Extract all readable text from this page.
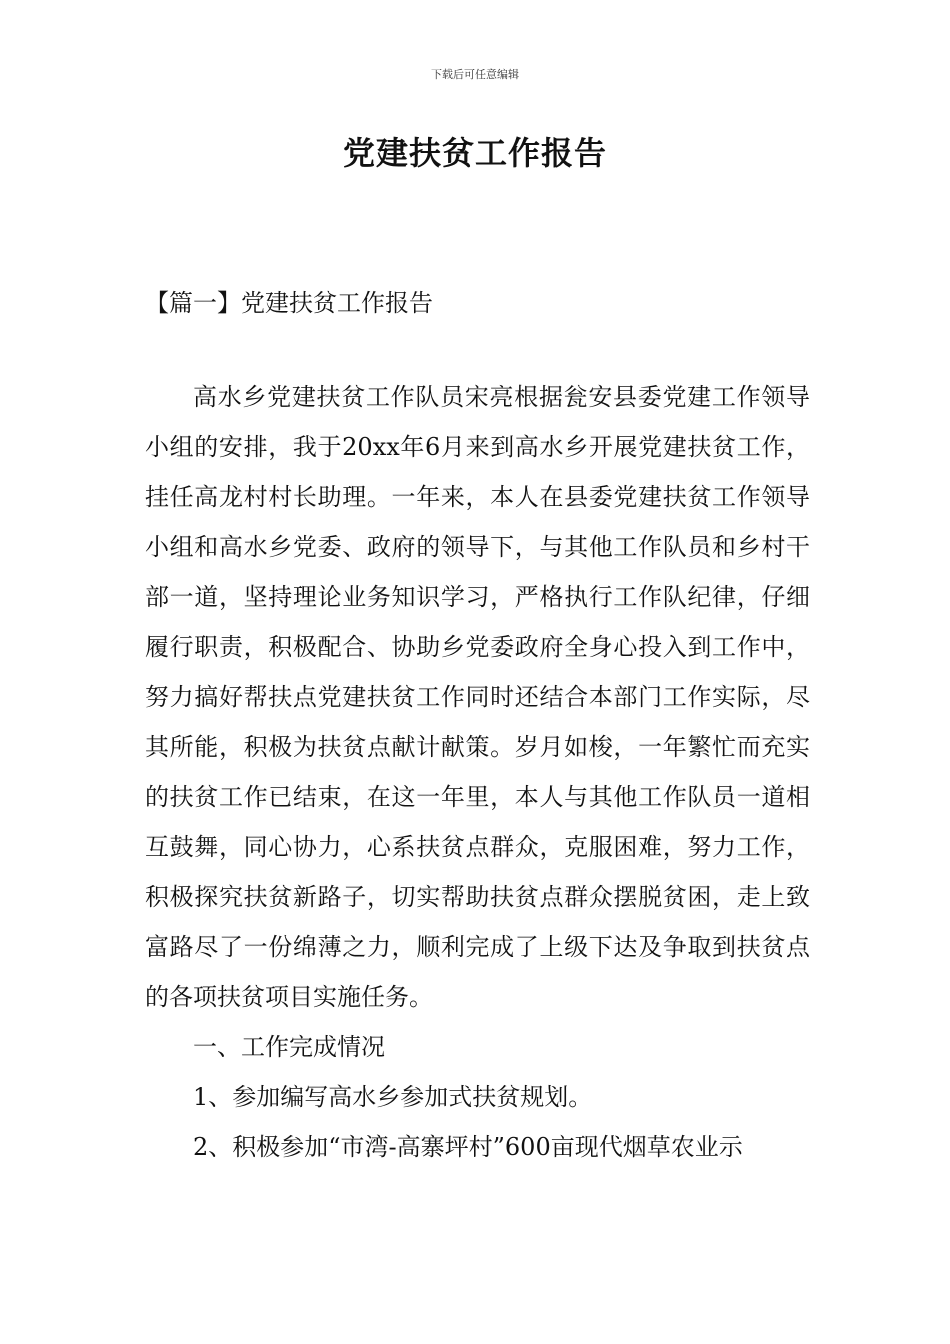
下载后可任意编辑
党建扶贫工作报告
【篇一】党建扶贫工作报告

高水乡党建扶贫工作队员宋亮根据瓮安县委党建工作领导小组的安排，我于20xx年6月来到高水乡开展党建扶贫工作，挂任高龙村村长助理。一年来，本人在县委党建扶贫工作领导小组和高水乡党委、政府的领导下，与其他工作队员和乡村干部一道，坚持理论业务知识学习，严格执行工作队纪律，仔细履行职责，积极配合、协助乡党委政府全身心投入到工作中，努力搞好帮扶点党建扶贫工作同时还结合本部门工作实际，尽其所能，积极为扶贫点献计献策。岁月如梭，一年繁忙而充实的扶贫工作已结束，在这一年里，本人与其他工作队员一道相互鼓舞，同心协力，心系扶贫点群众，克服困难，努力工作，积极探究扶贫新路子，切实帮助扶贫点群众摆脱贫困，走上致富路尽了一份绵薄之力，顺利完成了上级下达及争取到扶贫点的各项扶贫项目实施任务。

一、工作完成情况

1、参加编写高水乡参加式扶贫规划。

2、积极参加“市湾-高寨坪村”600亩现代烟草农业示
